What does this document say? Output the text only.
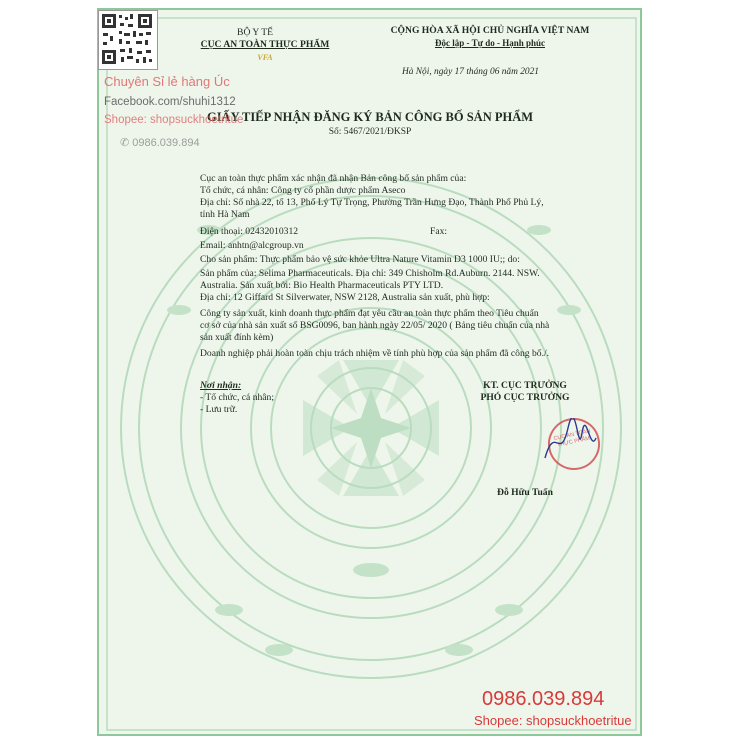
BỘ Y TẾ
CỤC AN TOÀN THỰC PHẨM
VFA
CỘNG HÒA XÃ HỘI CHỦ NGHĨA VIỆT NAM
Độc lập - Tự do - Hạnh phúc
Hà Nội, ngày 17 tháng 06 năm 2021
GIẤY TIẾP NHẬN ĐĂNG KÝ BẢN CÔNG BỐ SẢN PHẨM
Số: 5467/2021/ĐKSP
Cục an toàn thực phẩm xác nhận đã nhận Bản công bố sản phẩm của:
Tổ chức, cá nhân: Công ty cổ phần dược phẩm Aseco
Địa chỉ: Số nhà 22, tổ 13, Phố Lý Tự Trọng, Phường Trần Hưng Đạo, Thành Phố Phủ Lý,
tỉnh Hà Nam
Điện thoại: 02432010312	Fax:
Email: anhtn@alcgroup.vn
Cho sản phẩm: Thực phẩm bảo vệ sức khỏe Ultra Nature Vitamin D3 1000 IU;; do:
Sản phẩm của: Selima Pharmaceuticals. Địa chỉ: 349 Chisholm Rd.Auburn. 2144. NSW.
Australia. Sản xuất bởi: Bio Health Pharmaceuticals PTY LTD.
Địa chỉ: 12 Giffard St Silverwater, NSW 2128, Australia sản xuất, phù hợp:
Công ty sản xuất, kinh doanh thực phẩm đạt yêu cầu an toàn thực phẩm theo Tiêu chuẩn
cơ sở của nhà sản xuất số BSG0096, ban hành ngày 22/05/ 2020 ( Bảng tiêu chuẩn của nhà
sản xuất đính kèm)
Doanh nghiệp phải hoàn toàn chịu trách nhiệm về tính phù hợp của sản phẩm đã công bố./.
Nơi nhận:
- Tổ chức, cá nhân;
- Lưu trữ.
KT. CỤC TRƯỞNG
PHÓ CỤC TRƯỞNG
CỤC AN TOÀN THỰC PHẨM
Đỗ Hữu Tuấn
Chuyên Sỉ lẻ hàng Úc
Facebook.com/shuhi1312
Shopee: shopsuckhoetritue
✆ 0986.039.894
0986.039.894
Shopee: shopsuckhoetritue
